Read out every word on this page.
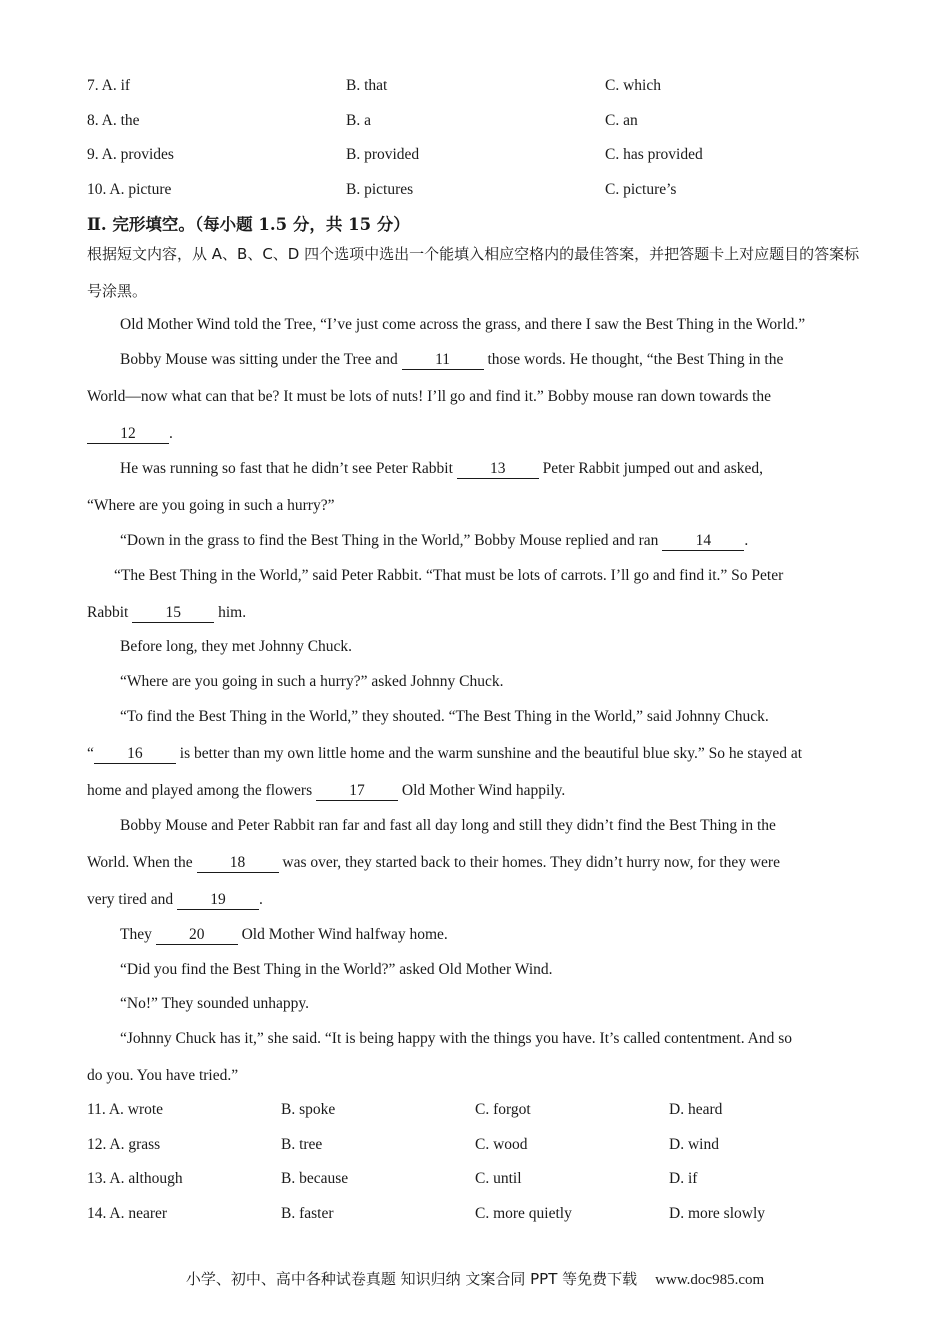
7. A. if	B. that	C. which
8. A. the	B. a	C. an
9. A. provides	B. provided	C. has provided
10. A. picture	B. pictures	C. picture’s
Ⅱ. 完形填空。（每小题 1.5 分，共 15 分）
根据短文内容，从 A、B、C、D 四个选项中选出一个能填入相应空格内的最佳答案，并把答题卡上对应题目的答案标号涂黑。
Old Mother Wind told the Tree, “I’ve just come across the grass, and there I saw the Best Thing in the World.”
Bobby Mouse was sitting under the Tree and 11 those words. He thought, “the Best Thing in the
World—now what can that be? It must be lots of nuts! I’ll go and find it.” Bobby mouse ran down towards the
12 .
He was running so fast that he didn’t see Peter Rabbit 13 Peter Rabbit jumped out and asked,
“Where are you going in such a hurry?”
“Down in the grass to find the Best Thing in the World,” Bobby Mouse replied and ran 14 .
“The Best Thing in the World,” said Peter Rabbit. “That must be lots of carrots. I’ll go and find it.” So Peter
Rabbit 15 him.
Before long, they met Johnny Chuck.
“Where are you going in such a hurry?” asked Johnny Chuck.
“To find the Best Thing in the World,” they shouted. “The Best Thing in the World,” said Johnny Chuck.
“ 16 is better than my own little home and the warm sunshine and the beautiful blue sky.” So he stayed at
home and played among the flowers 17 Old Mother Wind happily.
Bobby Mouse and Peter Rabbit ran far and fast all day long and still they didn’t find the Best Thing in the
World. When the 18 was over, they started back to their homes. They didn’t hurry now, for they were
very tired and 19 .
They 20 Old Mother Wind halfway home.
“Did you find the Best Thing in the World?” asked Old Mother Wind.
“No!” They sounded unhappy.
“Johnny Chuck has it,” she said. “It is being happy with the things you have. It’s called contentment. And so
do you. You have tried.”
11. A. wrote	B. spoke	C. forgot	D. heard
12. A. grass	B. tree	C. wood	D. wind
13. A. although	B. because	C. until	D. if
14. A. nearer	B. faster	C. more quietly	D. more slowly
小学、初中、高中各种试卷真题 知识归纳 文案合同 PPT 等免费下载 www.doc985.com
